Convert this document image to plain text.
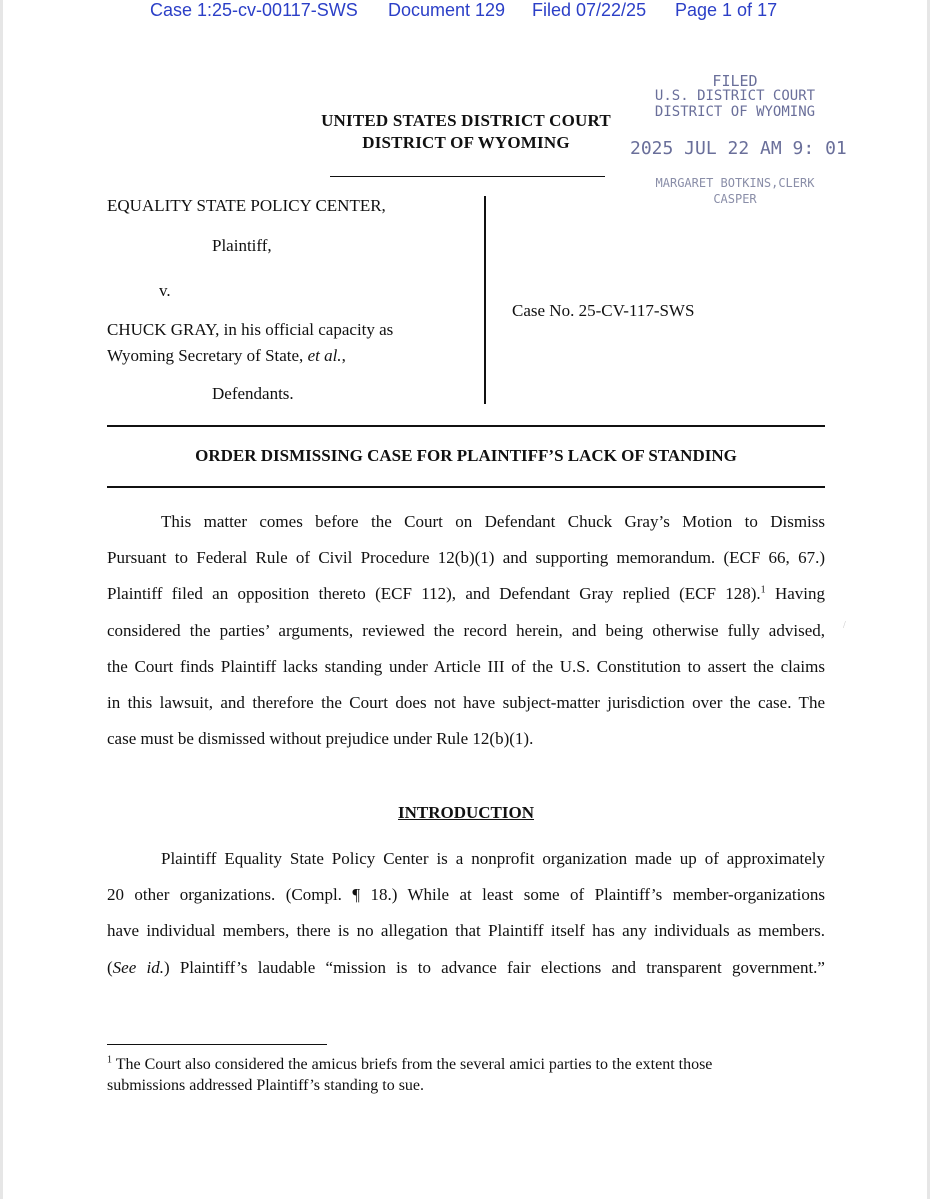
Case 1:25-cv-00117-SWS Document 129 Filed 07/22/25 Page 1 of 17
UNITED STATES DISTRICT COURT
DISTRICT OF WYOMING
FILED
U.S. DISTRICT COURT
DISTRICT OF WYOMING
2025 JUL 22 AM 9: 01
MARGARET BOTKINS,CLERK
CASPER
EQUALITY STATE POLICY CENTER,
Plaintiff,
v.
CHUCK GRAY, in his official capacity as
Wyoming Secretary of State, et al.,
Defendants.
Case No. 25-CV-117-SWS
ORDER DISMISSING CASE FOR PLAINTIFF’S LACK OF STANDING
This matter comes before the Court on Defendant Chuck Gray’s Motion to Dismiss
Pursuant to Federal Rule of Civil Procedure 12(b)(1) and supporting memorandum. (ECF 66, 67.)
Plaintiff filed an opposition thereto (ECF 112), and Defendant Gray replied (ECF 128).$^1$ Having
considered the parties’ arguments, reviewed the record herein, and being otherwise fully advised,
the Court finds Plaintiff lacks standing under Article III of the U.S. Constitution to assert the claims
in this lawsuit, and therefore the Court does not have subject-matter jurisdiction over the case. The
case must be dismissed without prejudice under Rule 12(b)(1).
INTRODUCTION
Plaintiff Equality State Policy Center is a nonprofit organization made up of approximately
20 other organizations. (Compl. ¶ 18.) While at least some of Plaintiff’s member-organizations
have individual members, there is no allegation that Plaintiff itself has any individuals as members.
(See id.) Plaintiff’s laudable “mission is to advance fair elections and transparent government.”
$^1$ The Court also considered the amicus briefs from the several amici parties to the extent those
submissions addressed Plaintiff’s standing to sue.
/
